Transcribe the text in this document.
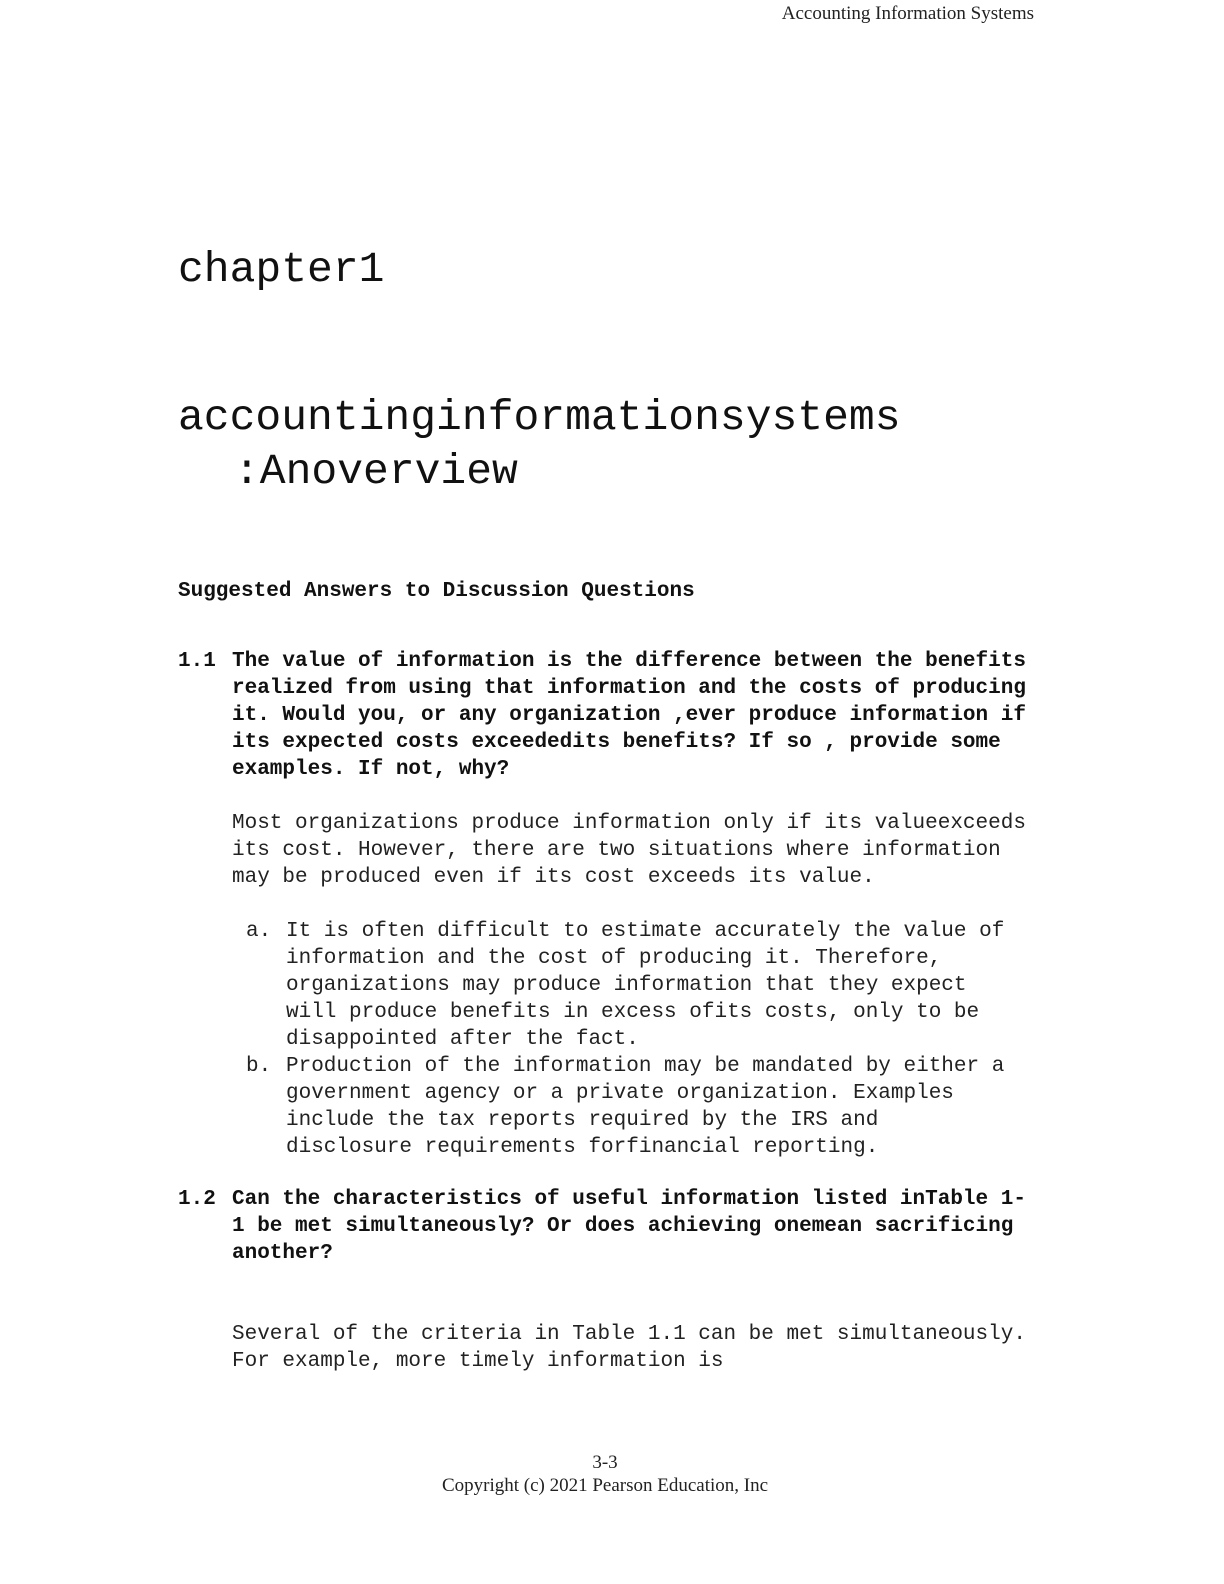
Accounting Information Systems
chapter1
accountinginformationsystems
:Anoverview
Suggested Answers to Discussion Questions
1.1 The value of information is the difference between the benefits realized from using that information and the costs of producing it. Would you, or any organization ,ever produce information if its expected costs exceededits benefits? If so , provide some examples. If not, why?
Most organizations produce information only if its valueexceeds its cost. However, there are two situations where information may be produced even if its cost exceeds its value.
a. It is often difficult to estimate accurately the value of information and the cost of producing it. Therefore, organizations may produce information that they expect will produce benefits in excess ofits costs, only to be disappointed after the fact.
b. Production of the information may be mandated by either a government agency or a private organization. Examples include the tax reports required by the IRS and disclosure requirements forfinancial reporting.
1.2 Can the characteristics of useful information listed inTable 1-1 be met simultaneously? Or does achieving onemean sacrificing another?
Several of the criteria in Table 1.1 can be met simultaneously. For example, more timely information is
3-3
Copyright (c) 2021 Pearson Education, Inc
